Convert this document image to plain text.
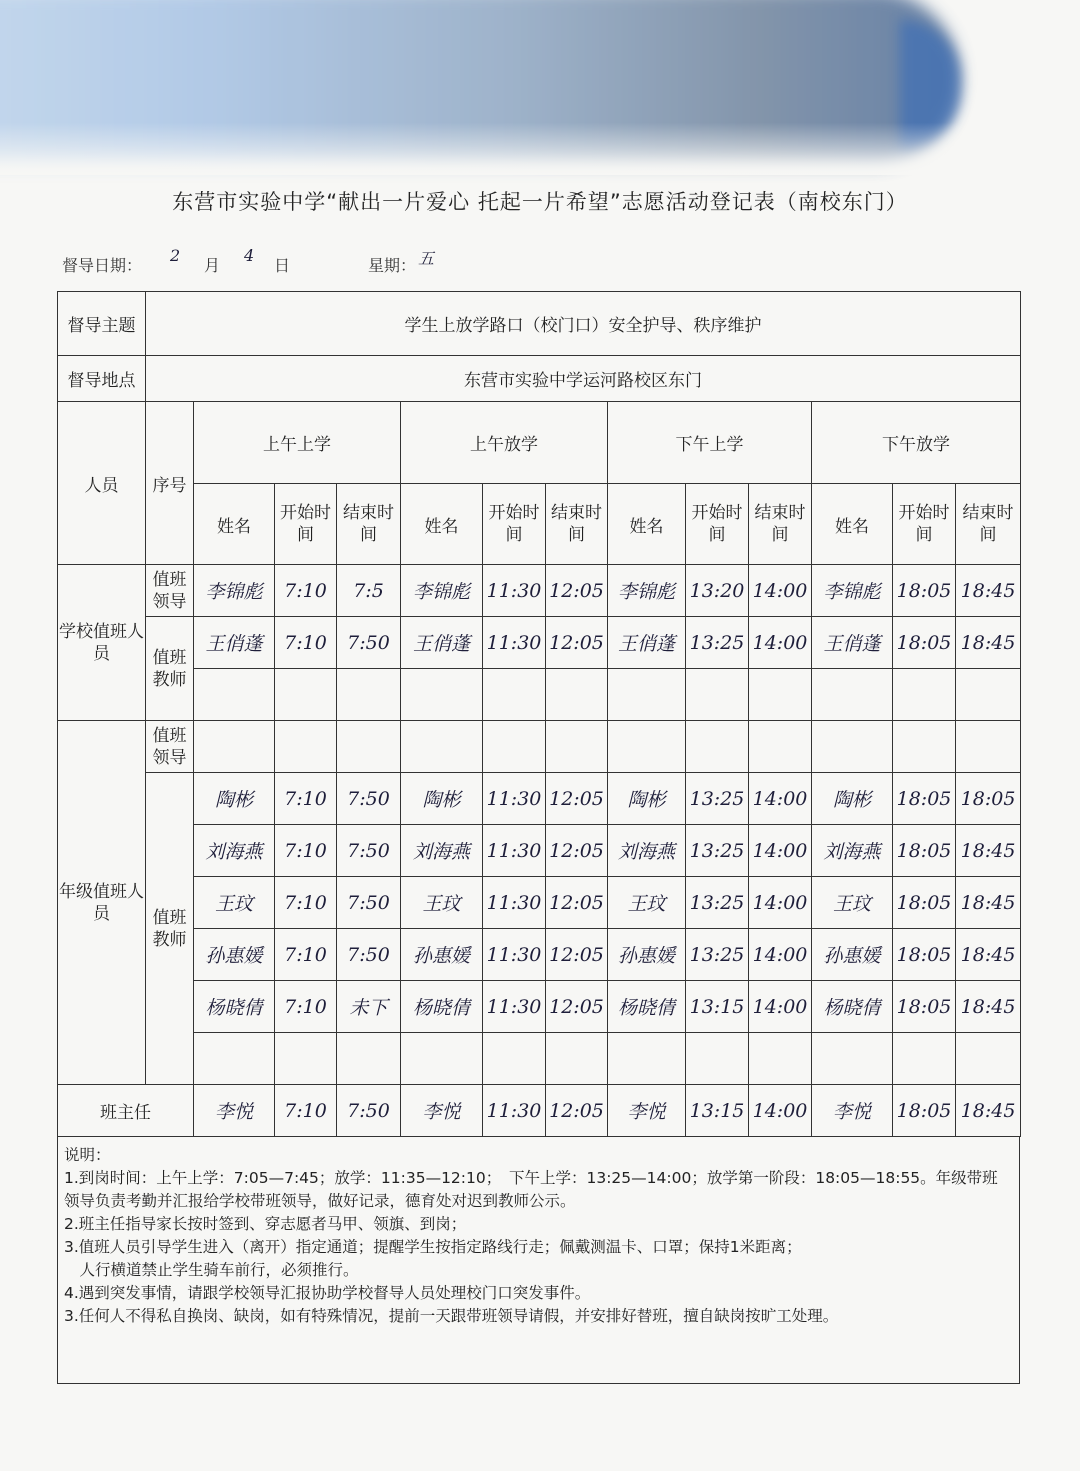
东营市实验中学“献出一片爱心 托起一片希望”志愿活动登记表（南校东门）
督导日期：
2
月
4
日	星期： 五
督导主题	学生上放学路口（校门口）安全护导、秩序维护												
督导地点	东营市实验中学运河路校区东门												
人员	序号	上午上学			上午放学			下午上学			下午放学		
		姓名	开始时间	结束时间	姓名	开始时间	结束时间	姓名	开始时间	结束时间	姓名	开始时间	结束时间
学校值班人员	值班领导	李锦彪	7:10	7:5	李锦彪	11:30	12:05	李锦彪	13:20	14:00	李锦彪	18:05	18:45
	值班教师	王俏蓬	7:10	7:50	王俏蓬	11:30	12:05	王俏蓬	13:25	14:00	王俏蓬	18:05	18:45

年级值班人员	值班领导												
	值班教师	陶彬	7:10	7:50	陶彬	11:30	12:05	陶彬	13:25	14:00	陶彬	18:05	18:05
		刘海燕	7:10	7:50	刘海燕	11:30	12:05	刘海燕	13:25	14:00	刘海燕	18:05	18:45
		王玟	7:10	7:50	王玟	11:30	12:05	王玟	13:25	14:00	王玟	18:05	18:45
		孙惠媛	7:10	7:50	孙惠媛	11:30	12:05	孙惠媛	13:25	14:00	孙惠媛	18:05	18:45
		杨晓倩	7:10	未下	杨晓倩	11:30	12:05	杨晓倩	13:15	14:00	杨晓倩	18:05	18:45

班主任		李悦	7:10	7:50	李悦	11:30	12:05	李悦	13:15	14:00	李悦	18:05	18:45
说明：
1.到岗时间：上午上学：7:05—7:45；放学：11:35—12:10；　下午上学：13:25—14:00；放学第一阶段：18:05—18:55。年级带班领导负责考勤并汇报给学校带班领导，做好记录，德育处对迟到教师公示。
2.班主任指导家长按时签到、穿志愿者马甲、领旗、到岗；
3.值班人员引导学生进入（离开）指定通道；提醒学生按指定路线行走；佩戴测温卡、口罩；保持1米距离；
　人行横道禁止学生骑车前行，必须推行。
4.遇到突发事情，请跟学校领导汇报协助学校督导人员处理校门口突发事件。
3.任何人不得私自换岗、缺岗，如有特殊情况，提前一天跟带班领导请假，并安排好替班，擅自缺岗按旷工处理。
